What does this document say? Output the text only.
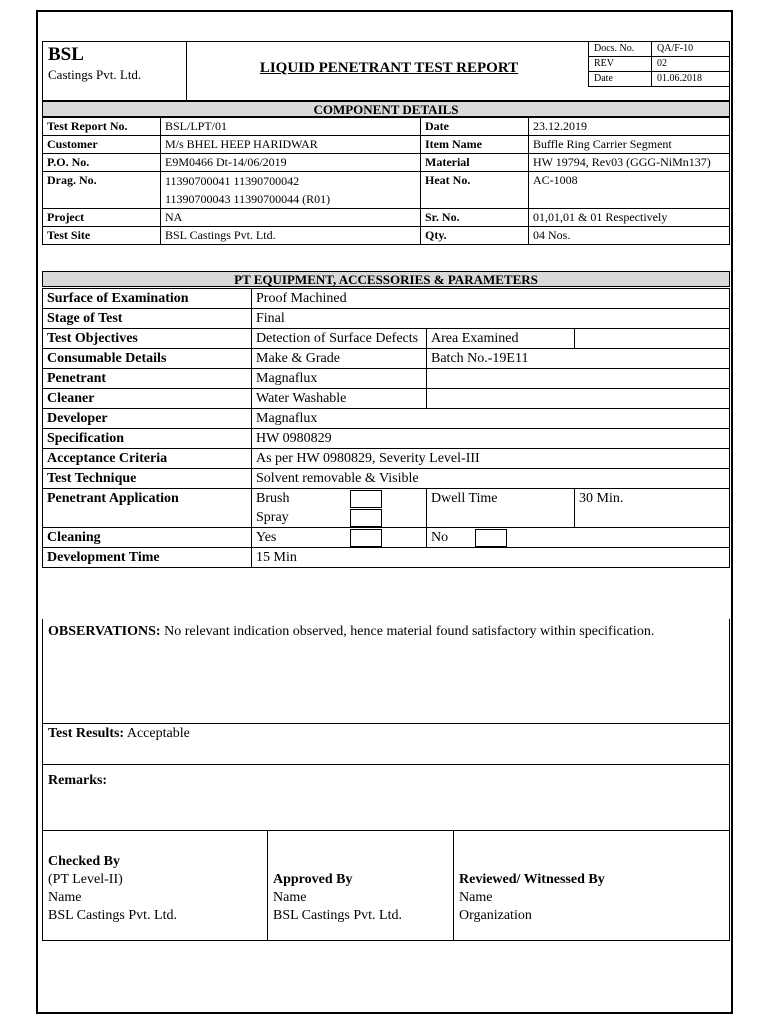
BSL
Castings Pvt. Ltd.	LIQUID PENETRANT TEST REPORT
Docs. No.	QA/F-10
REV	02
Date	01.06.2018
COMPONENT DETAILS
Test Report No.	BSL/LPT/01	Date	23.12.2019
Customer	M/s BHEL HEEP HARIDWAR	Item Name	Buffle Ring Carrier Segment
P.O. No.	E9M0466 Dt-14/06/2019	Material	HW 19794, Rev03 (GGG-NiMn137)
Drag. No.	11390700041 11390700042
11390700043 11390700044 (R01)	Heat No.	AC-1008
Project	NA	Sr. No.	01,01,01 & 01 Respectively
Test Site	BSL Castings Pvt. Ltd.	Qty.	04 Nos.
PT EQUIPMENT, ACCESSORIES & PARAMETERS
Surface of Examination	Proof Machined		
Stage of Test	Final		
Test Objectives	Detection of Surface Defects	Area Examined	
Consumable Details	Make & Grade	Batch No.-19E11	
Penetrant	Magnaflux		
Cleaner	Water Washable		
Developer	Magnaflux		
Specification	HW 0980829		
Acceptance Criteria	As per HW 0980829, Severity Level-III		
Test Technique	Solvent removable & Visible		
Penetrant Application	Brush
Spray	Dwell Time	30 Min.
Cleaning	Yes	No	
Development Time	15 Min		
OBSERVATIONS: No relevant indication observed, hence material found satisfactory within specification.
Test Results: Acceptable
Remarks:
Checked By
(PT Level-II)
Name
BSL Castings Pvt. Ltd.
Approved By
Name
BSL Castings Pvt. Ltd.
Reviewed/ Witnessed By
Name
Organization
